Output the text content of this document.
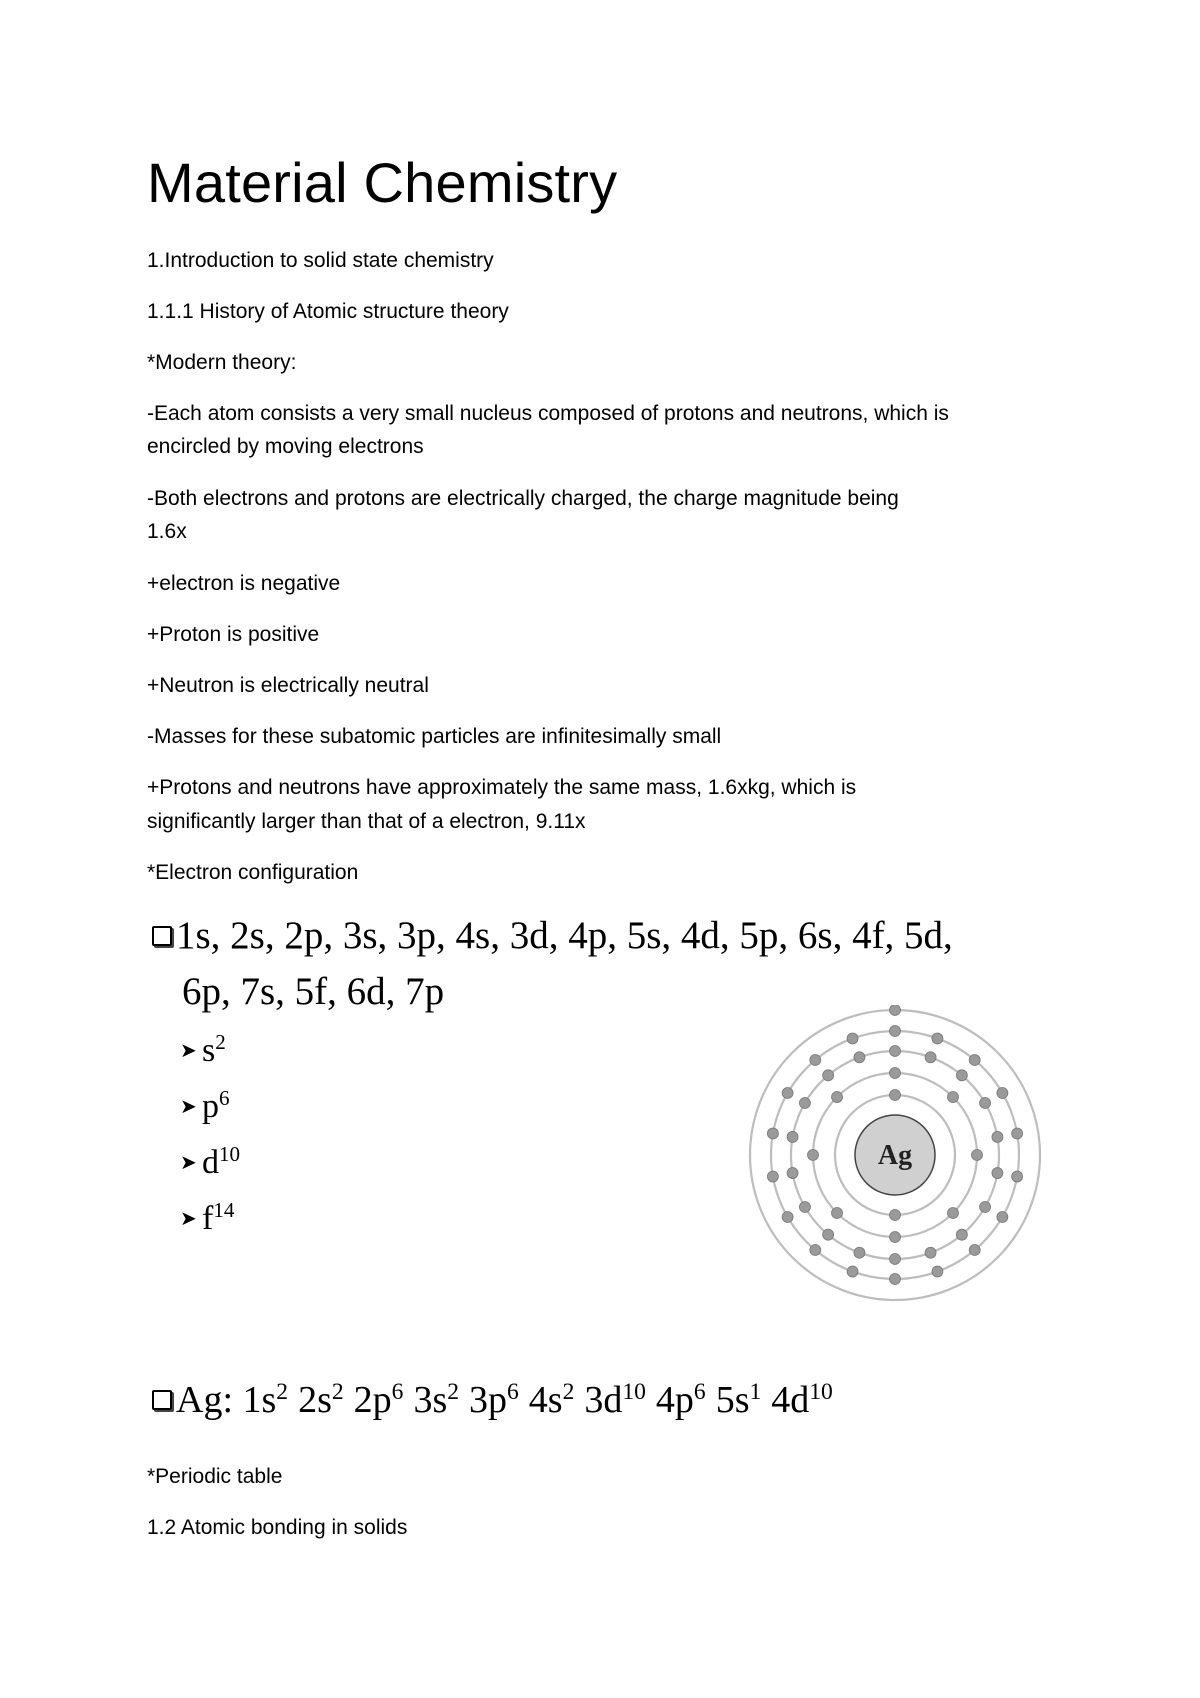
Material Chemistry
1.Introduction to solid state chemistry
1.1.1 History of Atomic structure theory
*Modern theory:
-Each atom consists a very small nucleus composed of protons and neutrons, which is
encircled by moving electrons
-Both electrons and protons are electrically charged, the charge magnitude being
1.6x
+electron is negative
+Proton is positive
+Neutron is electrically neutral
-Masses for these subatomic particles are infinitesimally small
+Protons and neutrons have approximately the same mass, 1.6xkg, which is
significantly larger than that of a electron, 9.11x
*Electron configuration
1s, 2s, 2p, 3s, 3p, 4s, 3d, 4p, 5s, 4d, 5p, 6s, 4f, 5d,
6p, 7s, 5f, 6d, 7p
➤ $s^2$
➤ $p^6$
➤ $d^{10}$
➤ $f^{14}$
Ag
Ag: $1s^2$ $2s^2$ $2p^6$ $3s^2$ $3p^6$ $4s^2$ $3d^{10}$ $4p^6$ $5s^1$ $4d^{10}$
*Periodic table
1.2 Atomic bonding in solids
